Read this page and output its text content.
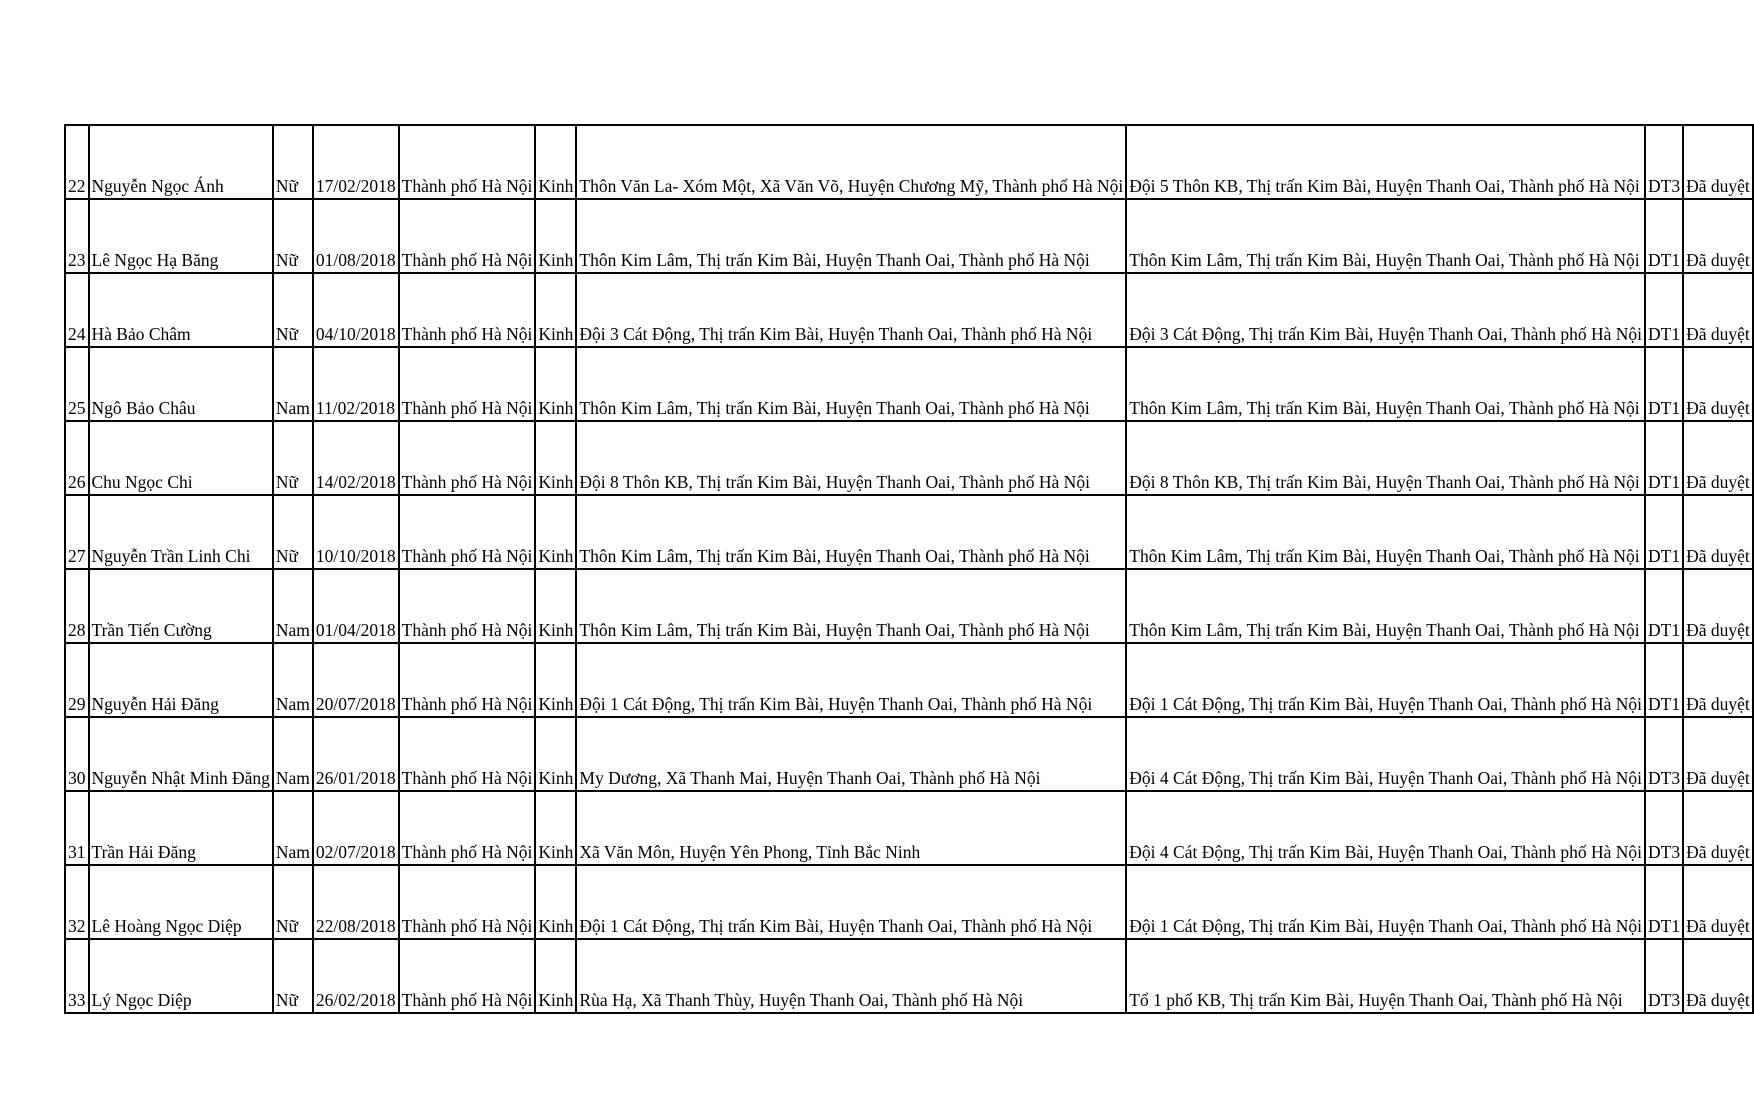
22	Nguyễn Ngọc Ánh	Nữ	17/02/2018	Thành phố Hà Nội	Kinh	Thôn Văn La- Xóm Một, Xã Văn Võ, Huyện Chương Mỹ, Thành phố Hà Nội	Đội 5 Thôn KB, Thị trấn Kim Bài, Huyện Thanh Oai, Thành phố Hà Nội	DT3	Đã duyệt
23	Lê Ngọc Hạ Băng	Nữ	01/08/2018	Thành phố Hà Nội	Kinh	Thôn Kim Lâm, Thị trấn Kim Bài, Huyện Thanh Oai, Thành phố Hà Nội	Thôn Kim Lâm, Thị trấn Kim Bài, Huyện Thanh Oai, Thành phố Hà Nội	DT1	Đã duyệt
24	Hà Bảo Châm	Nữ	04/10/2018	Thành phố Hà Nội	Kinh	Đội 3 Cát Động, Thị trấn Kim Bài, Huyện Thanh Oai, Thành phố Hà Nội	Đội 3 Cát Động, Thị trấn Kim Bài, Huyện Thanh Oai, Thành phố Hà Nội	DT1	Đã duyệt
25	Ngô Bảo Châu	Nam	11/02/2018	Thành phố Hà Nội	Kinh	Thôn Kim Lâm, Thị trấn Kim Bài, Huyện Thanh Oai, Thành phố Hà Nội	Thôn Kim Lâm, Thị trấn Kim Bài, Huyện Thanh Oai, Thành phố Hà Nội	DT1	Đã duyệt
26	Chu Ngọc Chi	Nữ	14/02/2018	Thành phố Hà Nội	Kinh	Đội 8 Thôn KB, Thị trấn Kim Bài, Huyện Thanh Oai, Thành phố Hà Nội	Đội 8 Thôn KB, Thị trấn Kim Bài, Huyện Thanh Oai, Thành phố Hà Nội	DT1	Đã duyệt
27	Nguyễn Trần Linh Chi	Nữ	10/10/2018	Thành phố Hà Nội	Kinh	Thôn Kim Lâm, Thị trấn Kim Bài, Huyện Thanh Oai, Thành phố Hà Nội	Thôn Kim Lâm, Thị trấn Kim Bài, Huyện Thanh Oai, Thành phố Hà Nội	DT1	Đã duyệt
28	Trần Tiến Cường	Nam	01/04/2018	Thành phố Hà Nội	Kinh	Thôn Kim Lâm, Thị trấn Kim Bài, Huyện Thanh Oai, Thành phố Hà Nội	Thôn Kim Lâm, Thị trấn Kim Bài, Huyện Thanh Oai, Thành phố Hà Nội	DT1	Đã duyệt
29	Nguyễn Hải Đăng	Nam	20/07/2018	Thành phố Hà Nội	Kinh	Đội 1 Cát Động, Thị trấn Kim Bài, Huyện Thanh Oai, Thành phố Hà Nội	Đội 1 Cát Động, Thị trấn Kim Bài, Huyện Thanh Oai, Thành phố Hà Nội	DT1	Đã duyệt
30	Nguyễn Nhật Minh Đăng	Nam	26/01/2018	Thành phố Hà Nội	Kinh	My Dương, Xã Thanh Mai, Huyện Thanh Oai, Thành phố Hà Nội	Đội 4 Cát Động, Thị trấn Kim Bài, Huyện Thanh Oai, Thành phố Hà Nội	DT3	Đã duyệt
31	Trần Hải Đăng	Nam	02/07/2018	Thành phố Hà Nội	Kinh	Xã Văn Môn, Huyện Yên Phong, Tỉnh Bắc Ninh	Đội 4 Cát Động, Thị trấn Kim Bài, Huyện Thanh Oai, Thành phố Hà Nội	DT3	Đã duyệt
32	Lê Hoàng Ngọc Diệp	Nữ	22/08/2018	Thành phố Hà Nội	Kinh	Đội 1 Cát Động, Thị trấn Kim Bài, Huyện Thanh Oai, Thành phố Hà Nội	Đội 1 Cát Động, Thị trấn Kim Bài, Huyện Thanh Oai, Thành phố Hà Nội	DT1	Đã duyệt
33	Lý Ngọc Diệp	Nữ	26/02/2018	Thành phố Hà Nội	Kinh	Rùa Hạ, Xã Thanh Thùy, Huyện Thanh Oai, Thành phố Hà Nội	Tổ 1 phố KB, Thị trấn Kim Bài, Huyện Thanh Oai, Thành phố Hà Nội	DT3	Đã duyệt
